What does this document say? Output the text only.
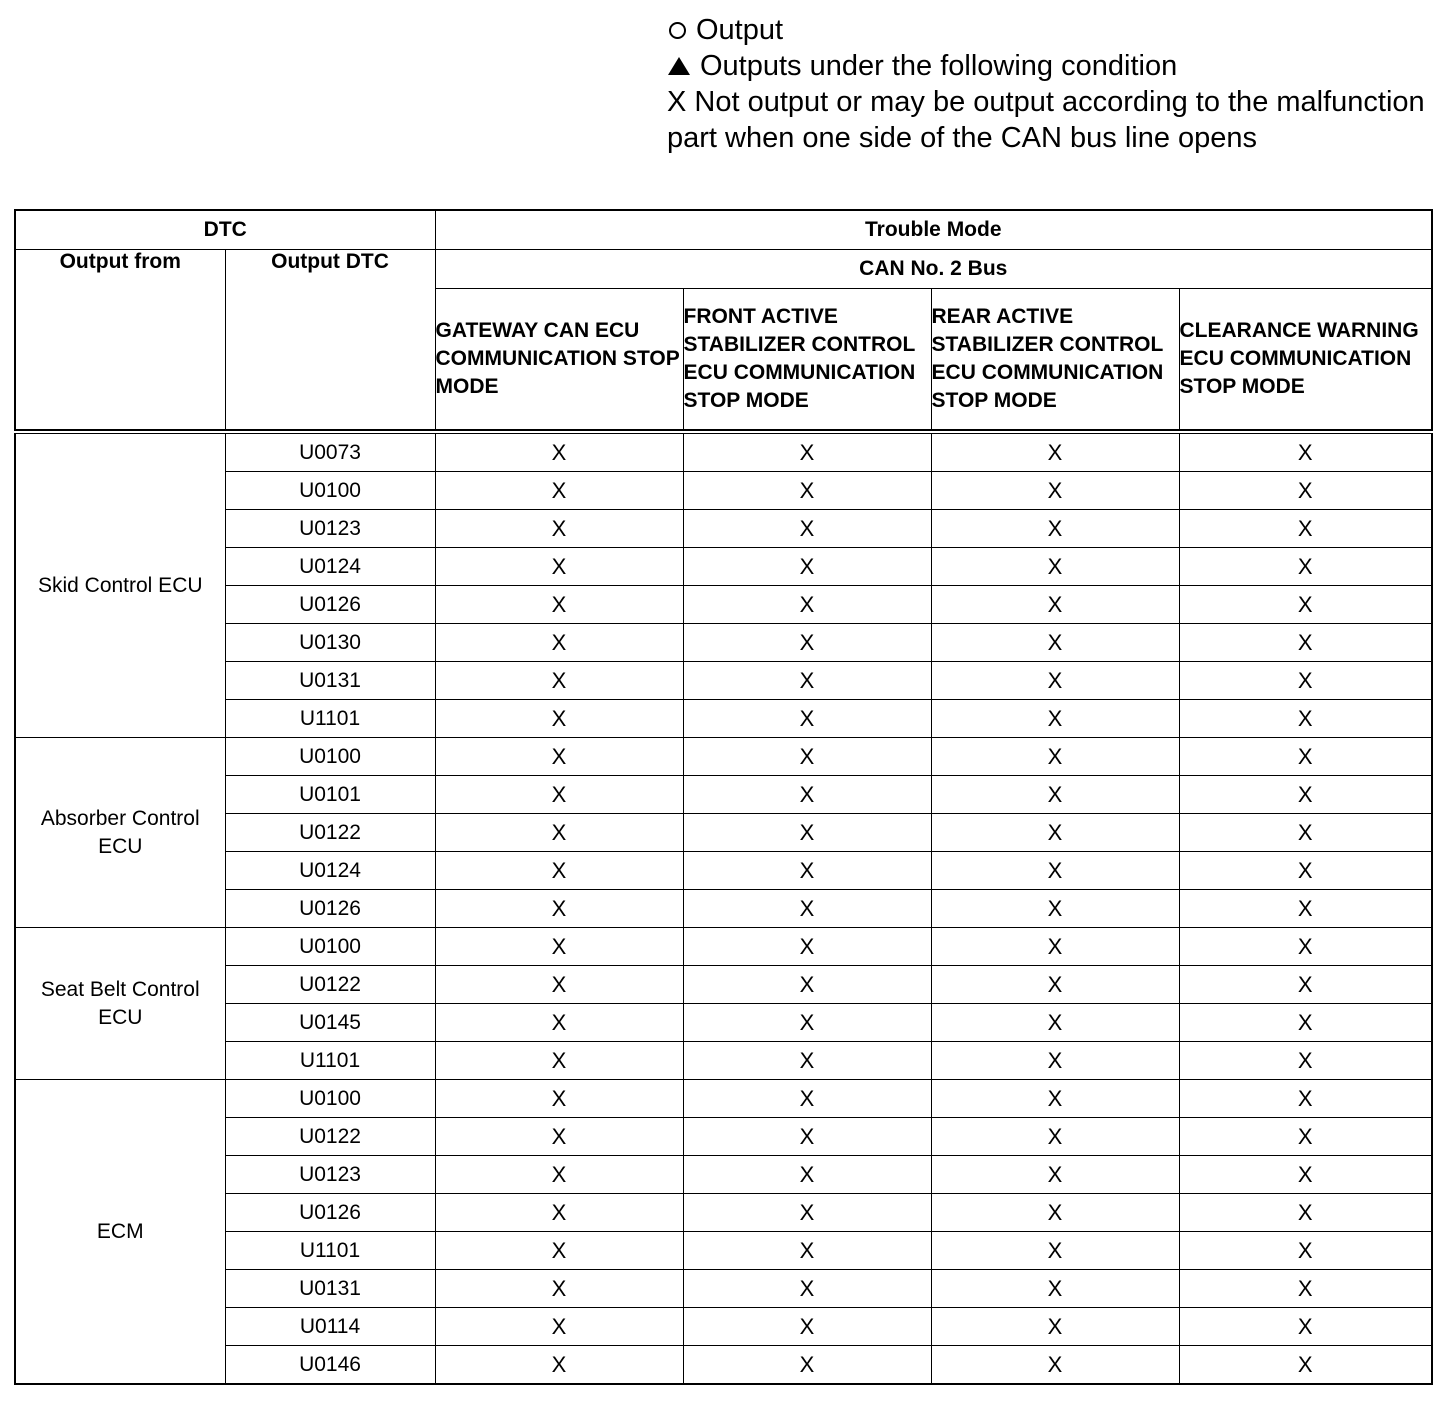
Output
Outputs under the following condition
X Not output or may be output according to the malfunction part when one side of the CAN bus line opens
DTC		Trouble Mode			
Output from	Output DTC	CAN No. 2 Bus			
		GATEWAY CAN ECU COMMUNICATION STOP MODE	FRONT ACTIVE STABILIZER CONTROL ECU COMMUNICATION STOP MODE	REAR ACTIVE STABILIZER CONTROL ECU COMMUNICATION STOP MODE	CLEARANCE WARNING ECU COMMUNICATION STOP MODE

Skid Control ECU	U0073	X	X	X	X
	U0100	X	X	X	X
	U0123	X	X	X	X
	U0124	X	X	X	X
	U0126	X	X	X	X
	U0130	X	X	X	X
	U0131	X	X	X	X
	U1101	X	X	X	X
Absorber Control ECU	U0100	X	X	X	X
	U0101	X	X	X	X
	U0122	X	X	X	X
	U0124	X	X	X	X
	U0126	X	X	X	X
Seat Belt Control ECU	U0100	X	X	X	X
	U0122	X	X	X	X
	U0145	X	X	X	X
	U1101	X	X	X	X
ECM	U0100	X	X	X	X
	U0122	X	X	X	X
	U0123	X	X	X	X
	U0126	X	X	X	X
	U1101	X	X	X	X
	U0131	X	X	X	X
	U0114	X	X	X	X
	U0146	X	X	X	X
